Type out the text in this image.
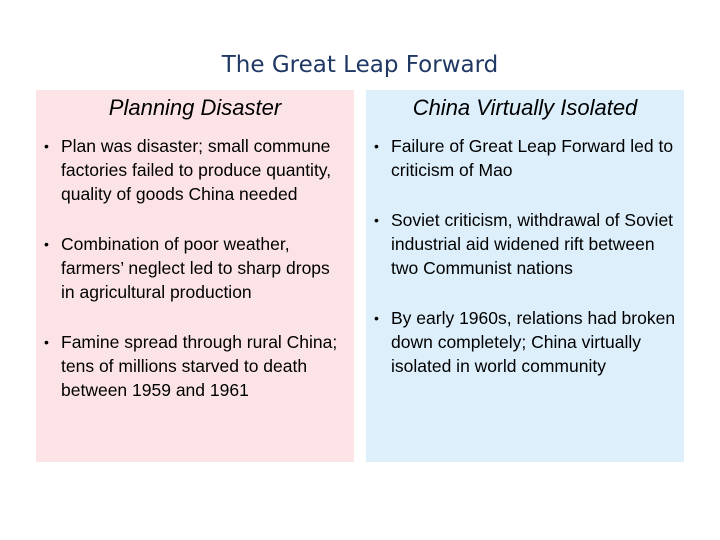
The Great Leap Forward
Planning Disaster
• Plan was disaster; small commune factories failed to produce quantity, quality of goods China needed
• Combination of poor weather, farmers’ neglect led to sharp drops in agricultural production
• Famine spread through rural China; tens of millions starved to death between 1959 and 1961
China Virtually Isolated
• Failure of Great Leap Forward led to criticism of Mao
• Soviet criticism, withdrawal of Soviet industrial aid widened rift between two Communist nations
• By early 1960s, relations had broken down completely; China virtually isolated in world community
